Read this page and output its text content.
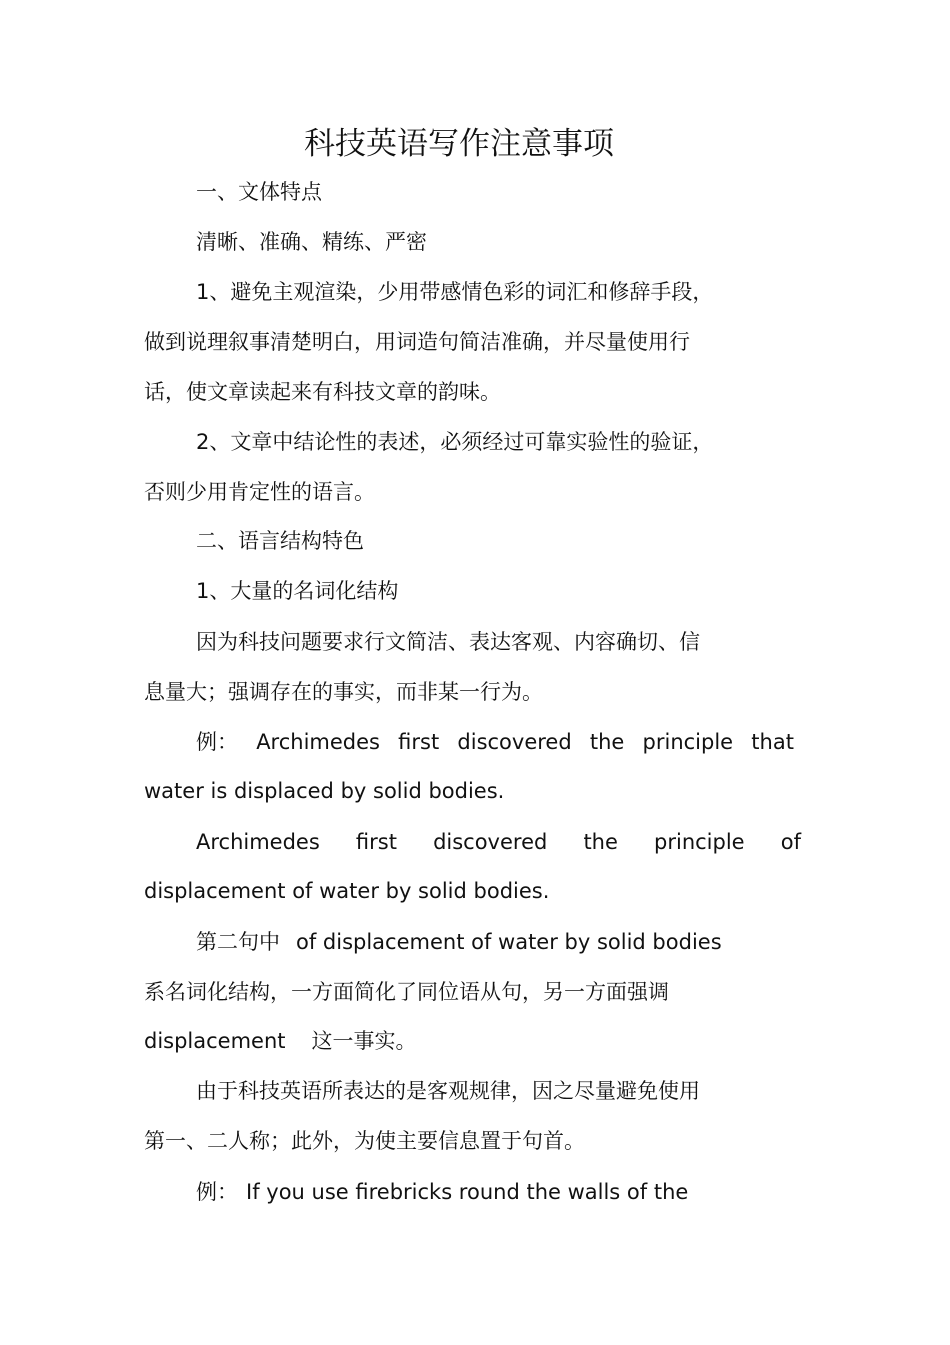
科技英语写作注意事项
一、文体特点
清晰、准确、精练、严密
1、避免主观渲染，少用带感情色彩的词汇和修辞手段，
做到说理叙事清楚明白，用词造句简洁准确，并尽量使用行
话，使文章读起来有科技文章的韵味。
2、文章中结论性的表述，必须经过可靠实验性的验证，
否则少用肯定性的语言。
二、语言结构特色
1、大量的名词化结构
因为科技问题要求行文简洁、表达客观、内容确切、信
息量大；强调存在的事实，而非某一行为。
例： Archimedes first discovered the principle that
water is displaced by solid bodies.
Archimedes first discovered the principle of
displacement of water by solid bodies.
第二句中 of displacement of water by solid bodies
系名词化结构，一方面简化了同位语从句，另一方面强调
displacement 这一事实。
由于科技英语所表达的是客观规律，因之尽量避免使用
第一、二人称；此外，为使主要信息置于句首。
例： If you use firebricks round the walls of the
